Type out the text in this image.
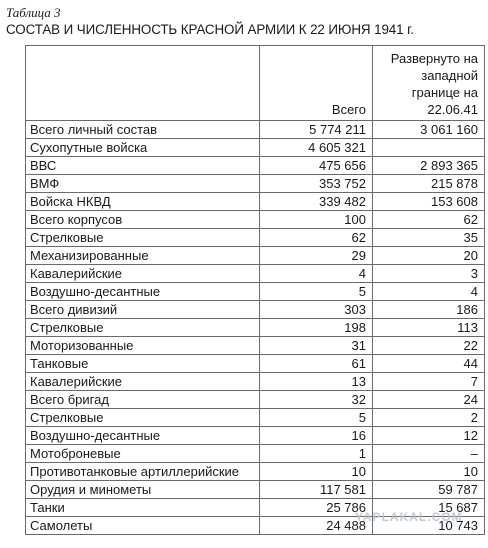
Таблица 3
СОСТАВ И ЧИСЛЕННОСТЬ КРАСНОЙ АРМИИ К 22 ИЮНЯ 1941 г.
	Всего	Развернуто на западной границе на 22.06.41
Всего личный состав	5 774 211	3 061 160
Сухопутные войска	4 605 321	
ВВС	475 656	2 893 365
ВМФ	353 752	215 878
Войска НКВД	339 482	153 608
Всего корпусов	100	62
Стрелковые	62	35
Механизированные	29	20
Кавалерийские	4	3
Воздушно-десантные	5	4
Всего дивизий	303	186
Стрелковые	198	113
Моторизованные	31	22
Танковые	61	44
Кавалерийские	13	7
Всего бригад	32	24
Стрелковые	5	2
Воздушно-десантные	16	12
Мотоброневые	1	–
Противотанковые артиллерийские	10	10
Орудия и минометы	117 581	59 787
Танки	25 786	15 687
Самолеты	24 488	10 743
YAPLAKAL.COM
